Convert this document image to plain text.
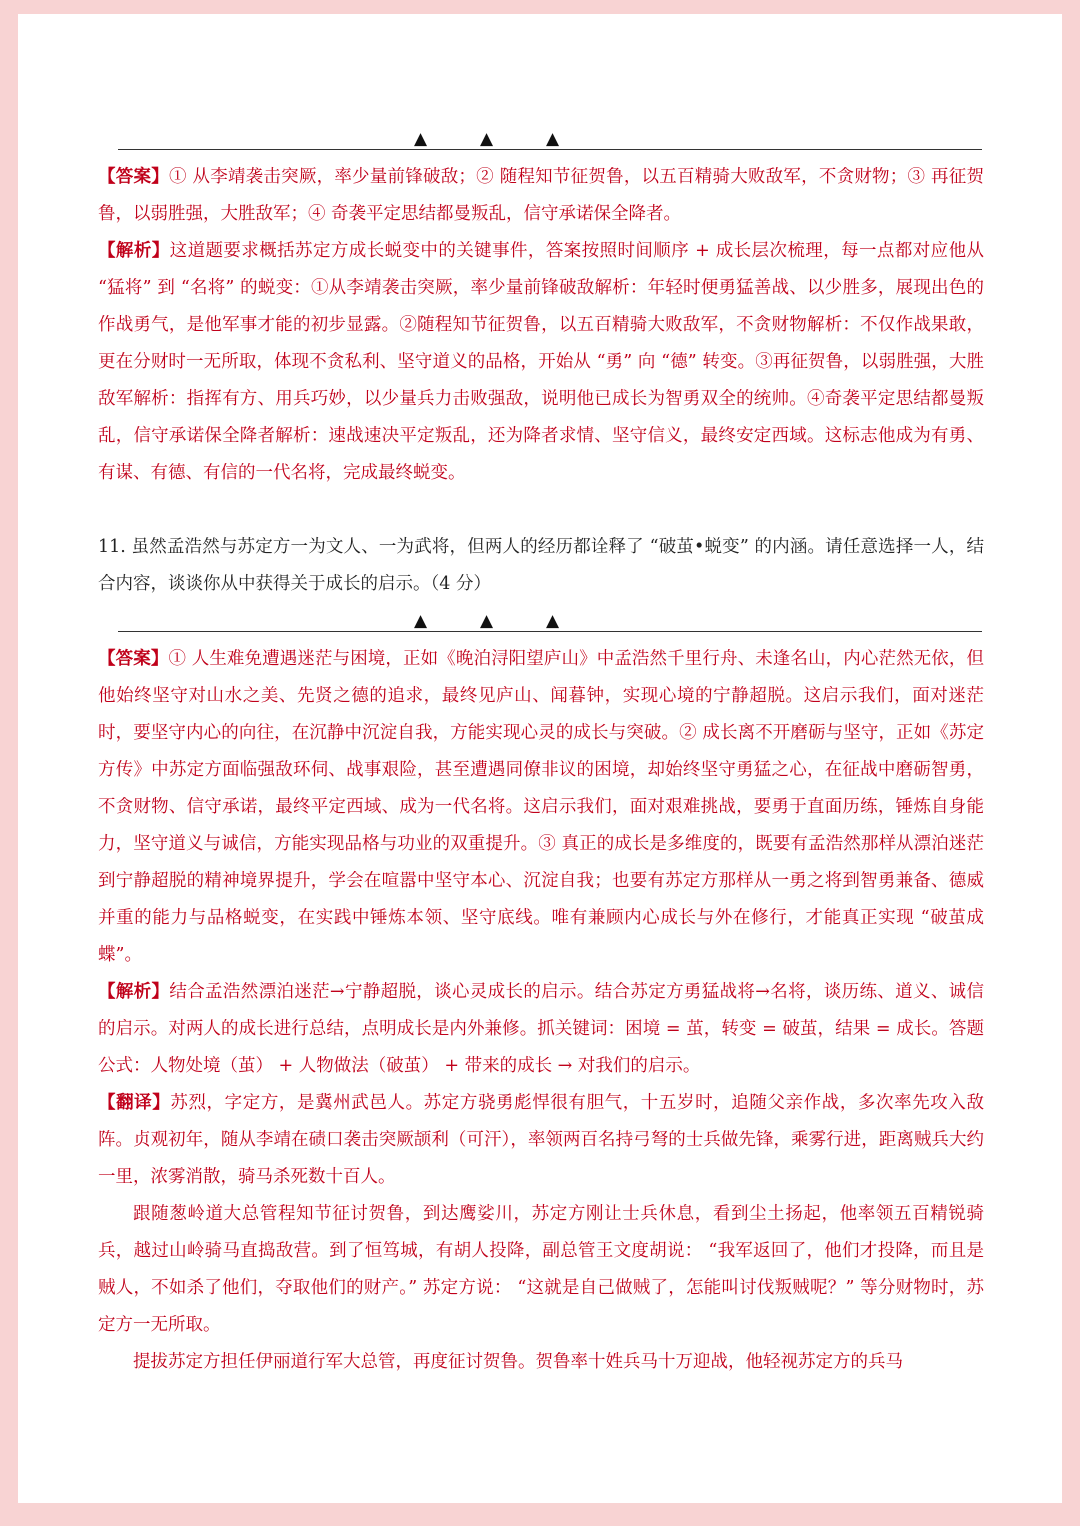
▲	▲	▲

【答案】① 从李靖袭击突厥，率少量前锋破敌；② 随程知节征贺鲁，以五百精骑大败敌军，不贪财物；③ 再征贺鲁，以弱胜强，大胜敌军；④ 奇袭平定思结都曼叛乱，信守承诺保全降者。

【解析】这道题要求概括苏定方成长蜕变中的关键事件，答案按照时间顺序 + 成长层次梳理，每一点都对应他从 “猛将” 到 “名将” 的蜕变：①从李靖袭击突厥，率少量前锋破敌解析：年轻时便勇猛善战、以少胜多，展现出色的作战勇气，是他军事才能的初步显露。②随程知节征贺鲁，以五百精骑大败敌军，不贪财物解析：不仅作战果敢，更在分财时一无所取，体现不贪私利、坚守道义的品格，开始从 “勇” 向 “德” 转变。③再征贺鲁，以弱胜强，大胜敌军解析：指挥有方、用兵巧妙，以少量兵力击败强敌，说明他已成长为智勇双全的统帅。④奇袭平定思结都曼叛乱，信守承诺保全降者解析：速战速决平定叛乱，还为降者求情、坚守信义，最终安定西域。这标志他成为有勇、有谋、有德、有信的一代名将，完成最终蜕变。

11. 虽然孟浩然与苏定方一为文人、一为武将，但两人的经历都诠释了 “破茧•蜕变” 的内涵。请任意选择一人，结合内容，谈谈你从中获得关于成长的启示。（4 分）

▲	▲	▲

【答案】① 人生难免遭遇迷茫与困境，正如《晚泊浔阳望庐山》中孟浩然千里行舟、未逢名山，内心茫然无依，但他始终坚守对山水之美、先贤之德的追求，最终见庐山、闻暮钟，实现心境的宁静超脱。这启示我们，面对迷茫时，要坚守内心的向往，在沉静中沉淀自我，方能实现心灵的成长与突破。② 成长离不开磨砺与坚守，正如《苏定方传》中苏定方面临强敌环伺、战事艰险，甚至遭遇同僚非议的困境，却始终坚守勇猛之心，在征战中磨砺智勇，不贪财物、信守承诺，最终平定西域、成为一代名将。这启示我们，面对艰难挑战，要勇于直面历练，锤炼自身能力，坚守道义与诚信，方能实现品格与功业的双重提升。③ 真正的成长是多维度的，既要有孟浩然那样从漂泊迷茫到宁静超脱的精神境界提升，学会在喧嚣中坚守本心、沉淀自我；也要有苏定方那样从一勇之将到智勇兼备、德威并重的能力与品格蜕变，在实践中锤炼本领、坚守底线。唯有兼顾内心成长与外在修行，才能真正实现 “破茧成蝶”。

【解析】结合孟浩然漂泊迷茫→宁静超脱，谈心灵成长的启示。结合苏定方勇猛战将→名将，谈历练、道义、诚信的启示。对两人的成长进行总结，点明成长是内外兼修。抓关键词：困境 = 茧，转变 = 破茧，结果 = 成长。答题公式：人物处境（茧） + 人物做法（破茧） + 带来的成长 → 对我们的启示。

【翻译】苏烈，字定方，是冀州武邑人。苏定方骁勇彪悍很有胆气，十五岁时，追随父亲作战，多次率先攻入敌阵。贞观初年，随从李靖在碛口袭击突厥颉利（可汗），率领两百名持弓弩的士兵做先锋，乘雾行进，距离贼兵大约一里，浓雾消散，骑马杀死数十百人。

跟随葱岭道大总管程知节征讨贺鲁，到达鹰娑川，苏定方刚让士兵休息，看到尘土扬起，他率领五百精锐骑兵，越过山岭骑马直捣敌营。到了恒笃城，有胡人投降，副总管王文度胡说： “我军返回了，他们才投降，而且是贼人，不如杀了他们，夺取他们的财产。” 苏定方说： “这就是自己做贼了，怎能叫讨伐叛贼呢？” 等分财物时，苏定方一无所取。

提拔苏定方担任伊丽道行军大总管，再度征讨贺鲁。贺鲁率十姓兵马十万迎战，他轻视苏定方的兵马
